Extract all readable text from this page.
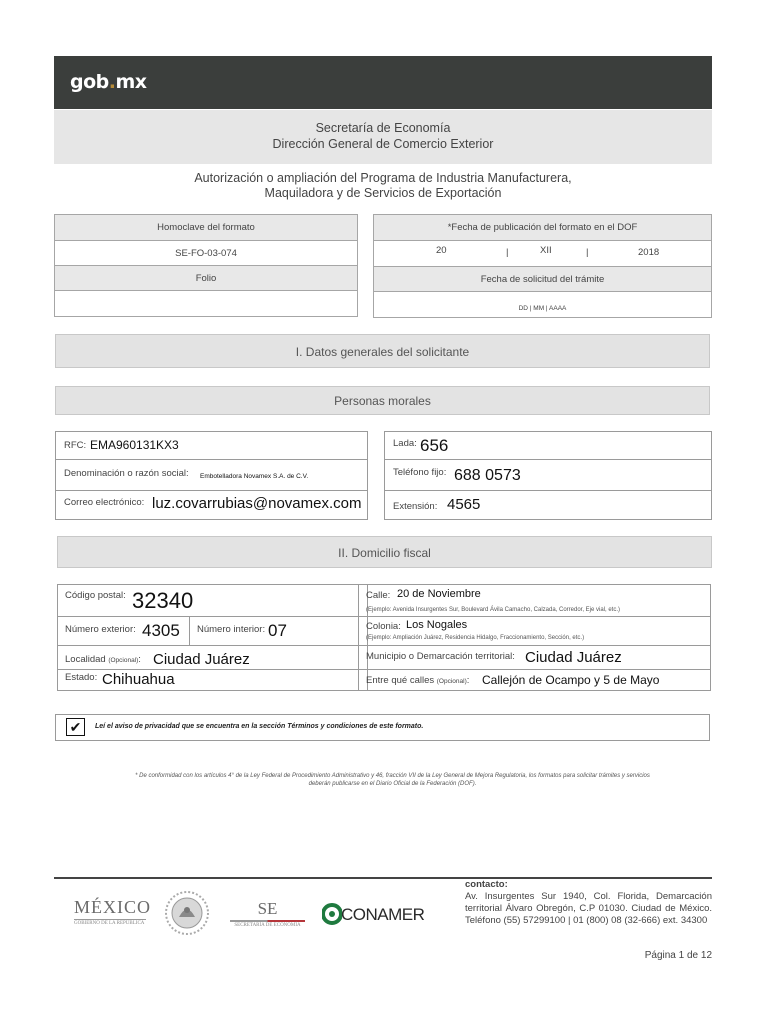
gob.mx
Secretaría de Economía
Dirección General de Comercio Exterior
Autorización o ampliación del Programa de Industria Manufacturera,
Maquiladora y de Servicios de Exportación
Homoclave del formato
SE-FO-03-074
Folio

*Fecha de publicación del formato en el DOF

20	|	XII	|	2018

Fecha de solicitud del trámite

DD | MM | AAAA
I. Datos generales del solicitante
Personas morales
RFC: EMA960131KX3
Denominación o razón social: Embotelladora Novamex S.A. de C.V.
Correo electrónico: luz.covarrubias@novamex.com
Lada: 656
Teléfono fijo: 688 0573
Extensión: 4565
II. Domicilio fiscal
Código postal: 32340
Número exterior: 4305 Número interior: 07
Localidad (Opcional): Ciudad Juárez
Estado: Chihuahua
Calle: 20 de Noviembre
(Ejemplo: Avenida Insurgentes Sur, Boulevard Ávila Camacho, Calzada, Corredor, Eje vial, etc.)
Colonia: Los Nogales
(Ejemplo: Ampliación Juárez, Residencia Hidalgo, Fraccionamiento, Sección, etc.)
Municipio o Demarcación territorial: Ciudad Juárez
Entre qué calles (Opcional): Callejón de Ocampo y 5 de Mayo
✔	Leí el aviso de privacidad que se encuentra en la sección Términos y condiciones de este formato.
* De conformidad con los artículos 4° de la Ley Federal de Procedimiento Administrativo y 46, fracción VII de la Ley General de Mejora Regulatoria, los formatos para solicitar trámites y servicios
deberán publicarse en el Diario Oficial de la Federación (DOF).
MÉXICO
GOBIERNO DE LA REPÚBLICA
SE
SECRETARÍA DE ECONOMÍA
CONAMER
contacto:
Av. Insurgentes Sur 1940, Col. Florida, Demarcación territorial Álvaro Obregón, C.P 01030. Ciudad de México. Teléfono (55) 57299100 | 01 (800) 08 (32-666) ext. 34300
Página 1 de 12
